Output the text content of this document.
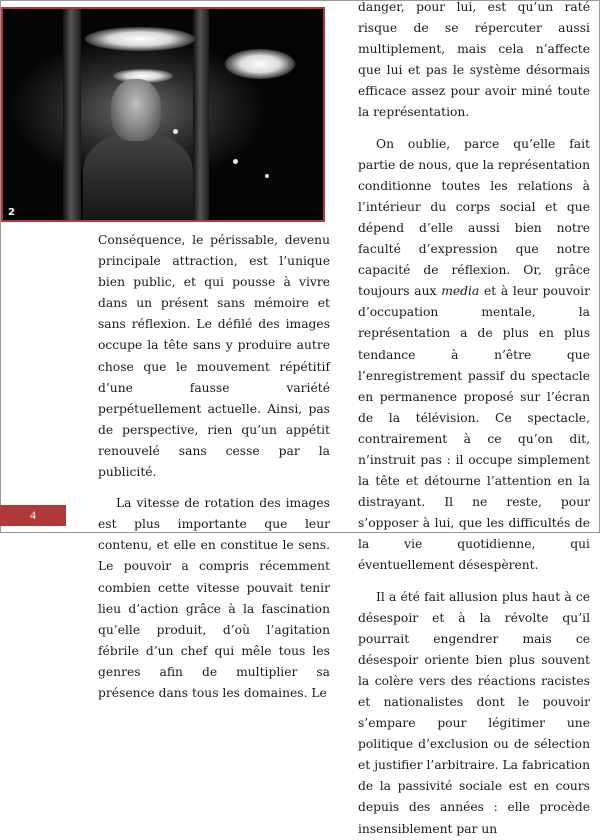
2

Conséquence, le périssable, devenu principale attraction, est l’unique bien public, et qui pousse à vivre dans un présent sans mémoire et sans réflexion. Le défilé des images occupe la tête sans y produire autre chose que le mouvement répétitif d’une fausse variété perpétuellement actuelle. Ainsi, pas de perspective, rien qu’un appétit renouvelé sans cesse par la publicité.

La vitesse de rotation des images est plus importante que leur contenu, et elle en constitue le sens. Le pouvoir a compris récemment combien cette vitesse pouvait tenir lieu d’action grâce à la fascination qu’elle produit, d’où l’agitation fébrile d’un chef qui mêle tous les genres afin de multiplier sa présence dans tous les domaines. Le

danger, pour lui, est qu’un raté risque de se répercuter aussi multiplement, mais cela n’affecte que lui et pas le système désormais efficace assez pour avoir miné toute la représentation.

On oublie, parce qu’elle fait partie de nous, que la représentation conditionne toutes les relations à l’intérieur du corps social et que dépend d’elle aussi bien notre faculté d’expression que notre capacité de réflexion. Or, grâce toujours aux media et à leur pouvoir d’occupation mentale, la représentation a de plus en plus tendance à n’être que l’enregistrement passif du spectacle en permanence proposé sur l’écran de la télévision. Ce spectacle, contrairement à ce qu’on dit, n’instruit pas : il occupe simplement la tête et détourne l’attention en la distrayant. Il ne reste, pour s’opposer à lui, que les difficultés de la vie quotidienne, qui éventuellement désespèrent.

Il a été fait allusion plus haut à ce désespoir et à la révolte qu’il pourrait engendrer mais ce désespoir oriente bien plus souvent la colère vers des réactions racistes et nationalistes dont le pouvoir s’empare pour légitimer une politique d’exclusion ou de sélection et justifier l’arbitraire. La fabrication de la passivité sociale est en cours depuis des années : elle procède insensiblement par un

4
